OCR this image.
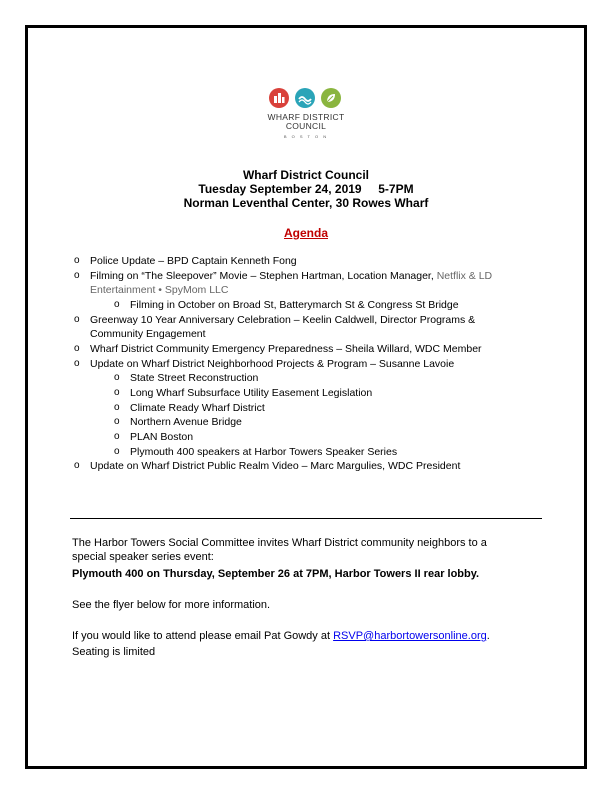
WHARF DISTRICT
COUNCIL
B O S T O N
Wharf District Council
Tuesday September 24, 2019     5-7PM
Norman Leventhal Center, 30 Rowes Wharf
Agenda
o Police Update – BPD Captain Kenneth Fong
o Filming on “The Sleepover” Movie – Stephen Hartman, Location Manager, Netflix & LD
Entertainment • SpyMom LLC
o Filming in October on Broad St, Batterymarch St & Congress St Bridge
o Greenway 10 Year Anniversary Celebration – Keelin Caldwell, Director Programs &
Community Engagement
o Wharf District Community Emergency Preparedness – Sheila Willard, WDC Member
o Update on Wharf District Neighborhood Projects & Program – Susanne Lavoie
o State Street Reconstruction
o Long Wharf Subsurface Utility Easement Legislation
o Climate Ready Wharf District
o Northern Avenue Bridge
o PLAN Boston
o Plymouth 400 speakers at Harbor Towers Speaker Series
o Update on Wharf District Public Realm Video – Marc Margulies, WDC President
The Harbor Towers Social Committee invites Wharf District community neighbors to a
special speaker series event:
Plymouth 400 on Thursday, September 26 at 7PM, Harbor Towers II rear lobby.
See the flyer below for more information.
If you would like to attend please email Pat Gowdy at RSVP@harbortowersonline.org.
Seating is limited
